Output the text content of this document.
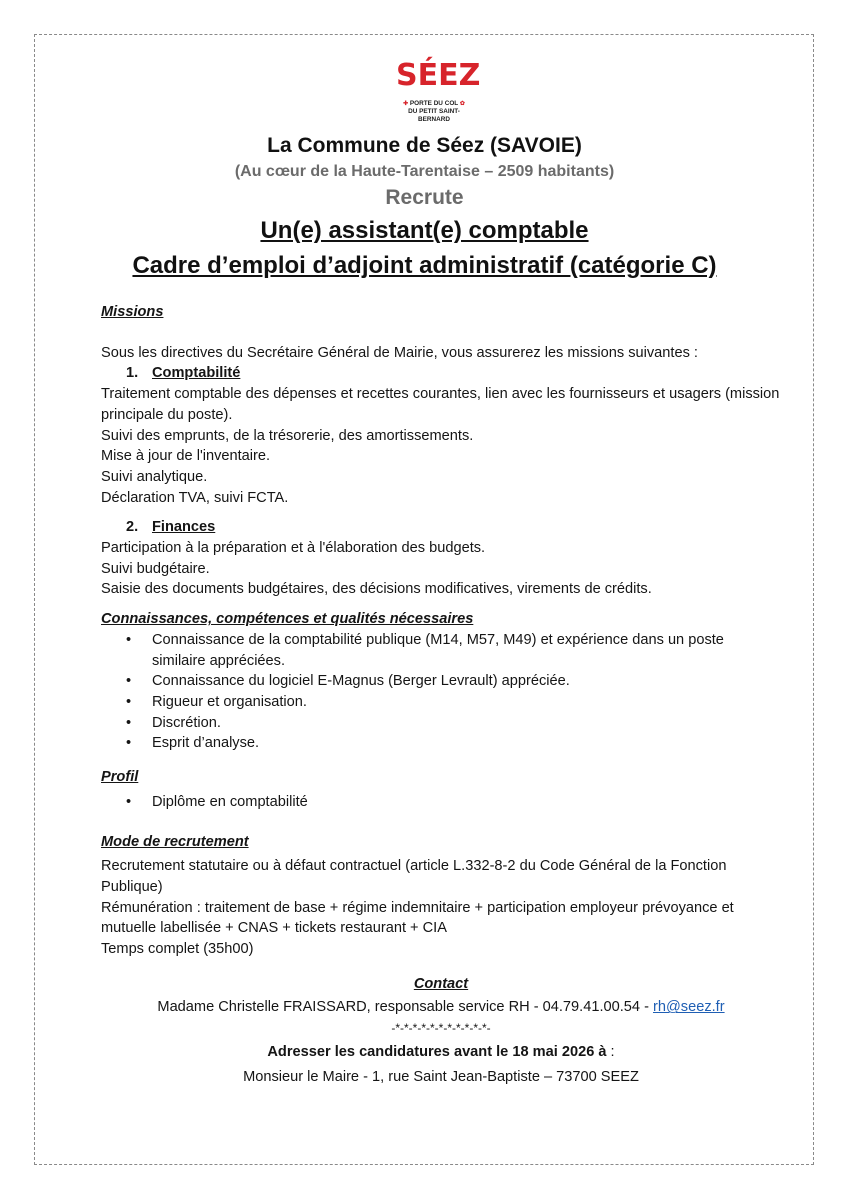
SÉEZ
✚ PORTE DU COL ✿
DU PETIT SAINT-BERNARD
La Commune de Séez (SAVOIE)
(Au cœur de la Haute-Tarentaise – 2509 habitants)
Recrute
Un(e) assistant(e) comptable
Cadre d’emploi d’adjoint administratif (catégorie C)
Missions
Sous les directives du Secrétaire Général de Mairie, vous assurerez les missions suivantes :
1. Comptabilité
Traitement comptable des dépenses et recettes courantes, lien avec les fournisseurs et usagers (mission principale du poste).
Suivi des emprunts, de la trésorerie, des amortissements.
Mise à jour de l'inventaire.
Suivi analytique.
Déclaration TVA, suivi FCTA.
2. Finances
Participation à la préparation et à l'élaboration des budgets.
Suivi budgétaire.
Saisie des documents budgétaires, des décisions modificatives, virements de crédits.
Connaissances, compétences et qualités nécessaires
• Connaissance de la comptabilité publique (M14, M57, M49) et expérience dans un poste similaire appréciées.
• Connaissance du logiciel E-Magnus (Berger Levrault) appréciée.
• Rigueur et organisation.
• Discrétion.
• Esprit d’analyse.
Profil
• Diplôme en comptabilité
Mode de recrutement
Recrutement statutaire ou à défaut contractuel (article L.332-8-2 du Code Général de la Fonction Publique)
Rémunération : traitement de base + régime indemnitaire + participation employeur prévoyance et mutuelle labellisée + CNAS + tickets restaurant + CIA
Temps complet (35h00)
Contact
Madame Christelle FRAISSARD, responsable service RH - 04.79.41.00.54 - rh@seez.fr
-*-*-*-*-*-*-*-*-*-*-*-
Adresser les candidatures avant le 18 mai 2026 à :
Monsieur le Maire - 1, rue Saint Jean-Baptiste – 73700 SEEZ
